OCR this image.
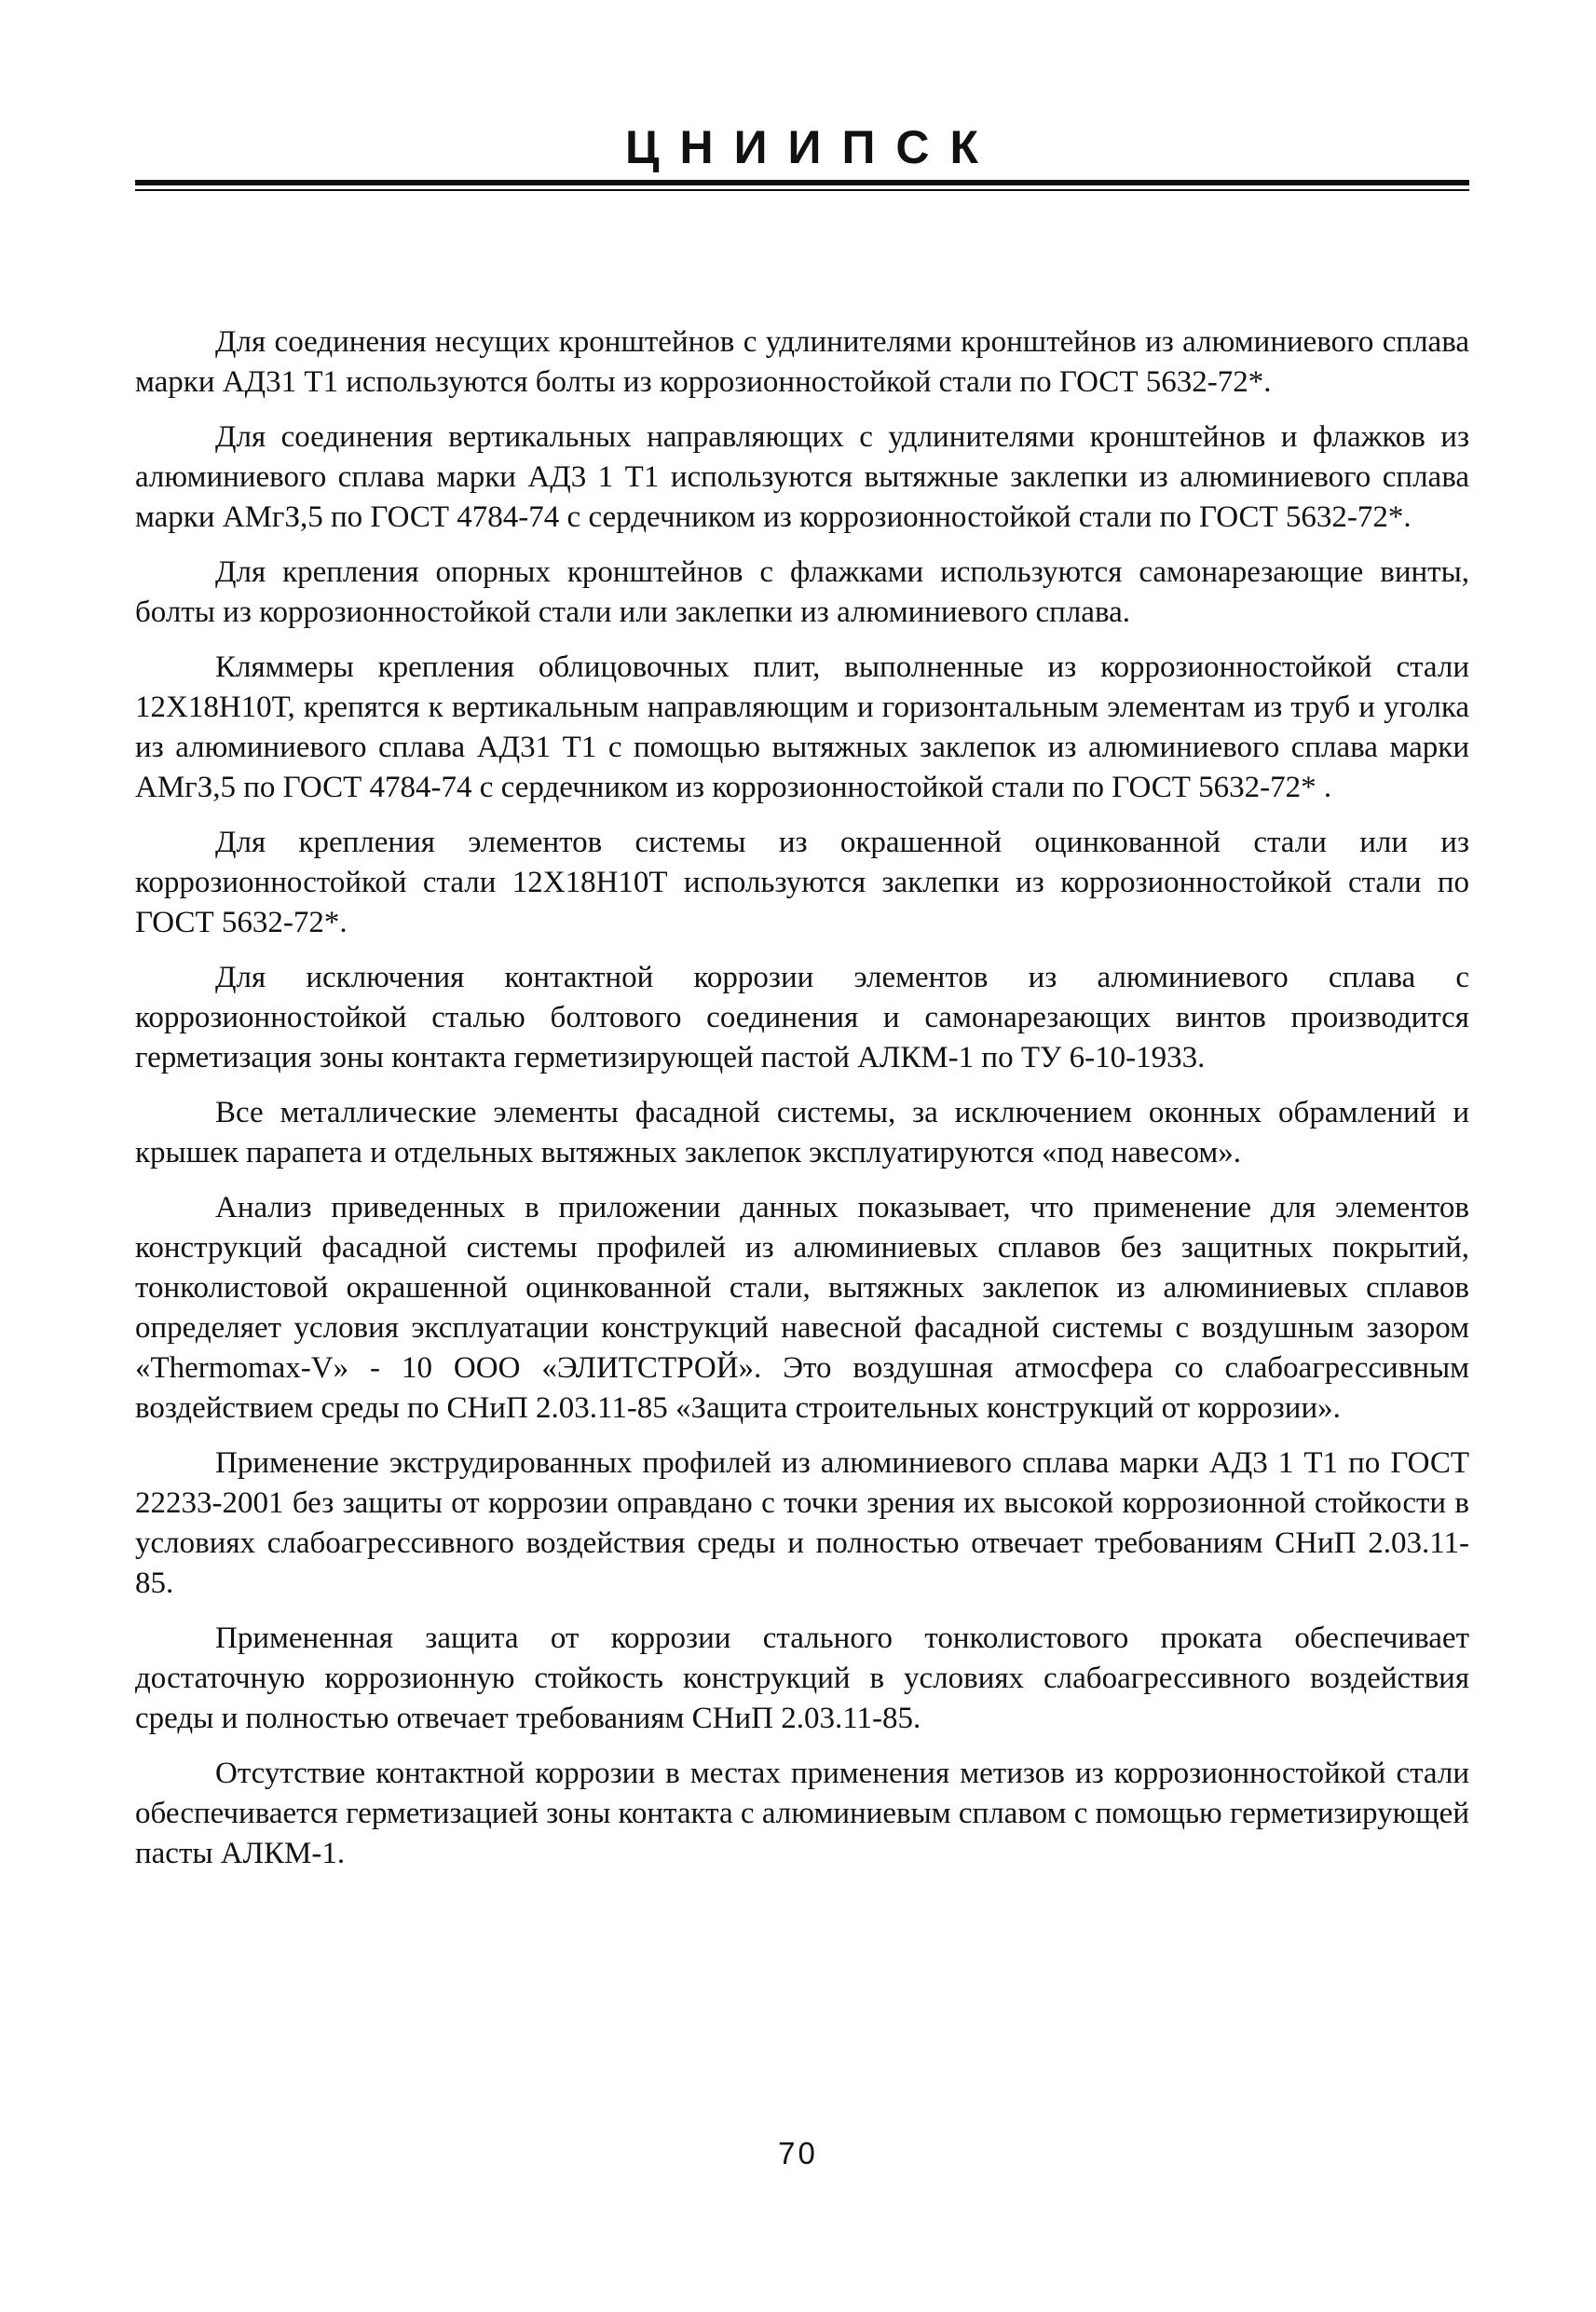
ЦНИИПСК

Для соединения несущих кронштейнов с удлинителями кронштейнов из алюминиевого сплава марки АД31 Т1 используются болты из коррозионностойкой стали по ГОСТ 5632-72*.

Для соединения вертикальных направляющих с удлинителями кронштейнов и флажков из алюминиевого сплава марки АД3 1 Т1 используются вытяжные заклепки из алюминиевого сплава марки АМгЗ,5 по ГОСТ 4784-74 с сердечником из коррозионностойкой стали по ГОСТ 5632-72*.

Для крепления опорных кронштейнов с флажками используются самонарезающие винты, болты из коррозионностойкой стали или заклепки из алюминиевого сплава.

Кляммеры крепления облицовочных плит, выполненные из коррозионностойкой стали 12Х18Н10Т, крепятся к вертикальным направляющим и горизонтальным элементам из труб и уголка из алюминиевого сплава АД31 Т1 с помощью вытяжных заклепок из алюминиевого сплава марки АМгЗ,5 по ГОСТ 4784-74 с сердечником из коррозионностойкой стали по ГОСТ 5632-72* .

Для крепления элементов системы из окрашенной оцинкованной стали или из коррозионностойкой стали 12Х18Н10Т используются заклепки из коррозионностойкой стали по ГОСТ 5632-72*.

Для исключения контактной коррозии элементов из алюминиевого сплава с коррозионностойкой сталью болтового соединения и самонарезающих винтов производится герметизация зоны контакта герметизирующей пастой АЛКМ-1 по ТУ 6-10-1933.

Все металлические элементы фасадной системы, за исключением оконных обрамлений и крышек парапета и отдельных вытяжных заклепок эксплуатируются «под навесом».

Анализ приведенных в приложении данных показывает, что применение для элементов конструкций фасадной системы профилей из алюминиевых сплавов без защитных покрытий, тонколистовой окрашенной оцинкованной стали, вытяжных заклепок из алюминиевых сплавов определяет условия эксплуатации конструкций навесной фасадной системы с воздушным зазором «Thermomax-V» - 10 ООО «ЭЛИТСТРОЙ». Это воздушная атмосфера со слабоагрессивным воздействием среды по СНиП 2.03.11-85 «Защита строительных конструкций от коррозии».

Применение экструдированных профилей из алюминиевого сплава марки АД3 1 Т1 по ГОСТ 22233-2001 без защиты от коррозии оправдано с точки зрения их высокой коррозионной стойкости в условиях слабоагрессивного воздействия среды и полностью отвечает требованиям СНиП 2.03.11-85.

Примененная защита от коррозии стального тонколистового проката обеспечивает достаточную коррозионную стойкость конструкций в условиях слабоагрессивного воздействия среды и полностью отвечает требованиям СНиП 2.03.11-85.

Отсутствие контактной коррозии в местах применения метизов из коррозионностойкой стали обеспечивается герметизацией зоны контакта с алюминиевым сплавом с помощью герметизирующей пасты АЛКМ-1.

70
